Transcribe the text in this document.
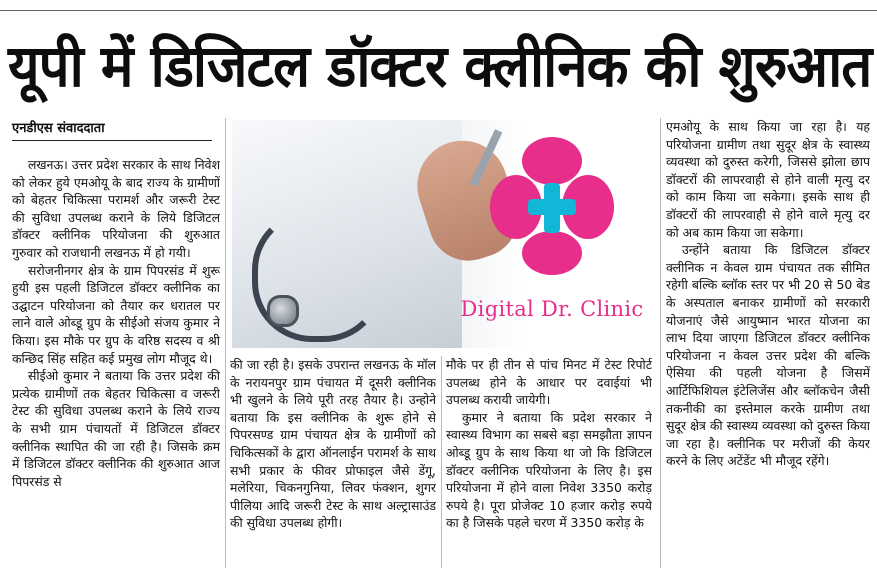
यूपी में डिजिटल डॉक्टर क्लीनिक की शुरुआत
एनडीएस संवाददाता

लखनऊ। उत्तर प्रदेश सरकार के साथ निवेश को लेकर हुये एमओयू के बाद राज्य के ग्रामीणों को बेहतर चिकित्सा परामर्श और जरूरी टेस्ट की सुविधा उपलब्ध कराने के लिये डिजिटल डॉक्टर क्लीनिक परियोजना की शुरुआत गुरुवार को राजधानी लखनऊ में हो गयी।

सरोजनीनगर क्षेत्र के ग्राम पिपरसंड में शुरू हुयी इस पहली डिजिटल डॉक्टर क्लीनिक का उद्घाटन परियोजना को तैयार कर धरातल पर लाने वाले ओब्डू ग्रुप के सीईओ संजय कुमार ने किया। इस मौके पर ग्रुप के वरिष्ठ सदस्य व श्री कन्छिद सिंह सहित कई प्रमुख लोग मौजूद थे।

सीईओ कुमार ने बताया कि उत्तर प्रदेश की प्रत्येक ग्रामीणों तक बेहतर चिकित्सा व जरूरी टेस्ट की सुविधा उपलब्ध कराने के लिये राज्य के सभी ग्राम पंचायतों में डिजिटल डॉक्टर क्लीनिक स्थापित की जा रही है। जिसके क्रम में डिजिटल डॉक्टर क्लीनिक की शुरुआत आज पिपरसंड से

Digital Dr. Clinic

की जा रही है। इसके उपरान्त लखनऊ के मॉल के नरायनपुर ग्राम पंचायत में दूसरी क्लीनिक भी खुलने के लिये पूरी तरह तैयार है। उन्होने बताया कि इस क्लीनिक के शुरू होने से पिपरसण्ड ग्राम पंचायत क्षेत्र के ग्रामीणों को चिकित्सकों के द्वारा ऑनलाईन परामर्श के साथ सभी प्रकार के फीवर प्रोफाइल जैसे डेंगू, मलेरिया, चिकनगुनिया, लिवर फंक्शन, शुगर पीलिया आदि जरूरी टेस्ट के साथ अल्ट्रासाउंड की सुविधा उपलब्ध होगी।

मौके पर ही तीन से पांच मिनट में टेस्ट रिपोर्ट उपलब्ध होने के आधार पर दवाईयां भी उपलब्ध करायी जायेगी।

कुमार ने बताया कि प्रदेश सरकार ने स्वास्थ्य विभाग का सबसे बड़ा समझौता ज्ञापन ओब्डू ग्रुप के साथ किया था जो कि डिजिटल डॉक्टर क्लीनिक परियोजना के लिए है। इस परियोजना में होने वाला निवेश 3350 करोड़ रुपये है। पूरा प्रोजेक्ट 10 हजार करोड़ रुपये का है जिसके पहले चरण में 3350 करोड़ के

एमओयू के साथ किया जा रहा है। यह परियोजना ग्रामीण तथा सुदूर क्षेत्र के स्वास्थ्य व्यवस्था को दुरुस्त करेगी, जिससे झोला छाप डॉक्टरों की लापरवाही से होने वाली मृत्यु दर को काम किया जा सकेगा। इसके साथ ही डॉक्टरों की लापरवाही से होने वाले मृत्यु दर को अब काम किया जा सकेगा।

उन्होंने बताया कि डिजिटल डॉक्टर क्लीनिक न केवल ग्राम पंचायत तक सीमित रहेगी बल्कि ब्लॉक स्तर पर भी 20 से 50 बेड के अस्पताल बनाकर ग्रामीणों को सरकारी योजनाएं जैसे आयुष्मान भारत योजना का लाभ दिया जाएगा डिजिटल डॉक्टर क्लीनिक परियोजना न केवल उत्तर प्रदेश की बल्कि ऐसिया की पहली योजना है जिसमें आर्टिफिशियल इंटेलिजेंस और ब्लॉकचेन जैसी तकनीकी का इस्तेमाल करके ग्रामीण तथा सुदूर क्षेत्र की स्वास्थ्य व्यवस्था को दुरुस्त किया जा रहा है। क्लीनिक पर मरीजों की केयर करने के लिए अटेंडेंट भी मौजूद रहेंगे।
